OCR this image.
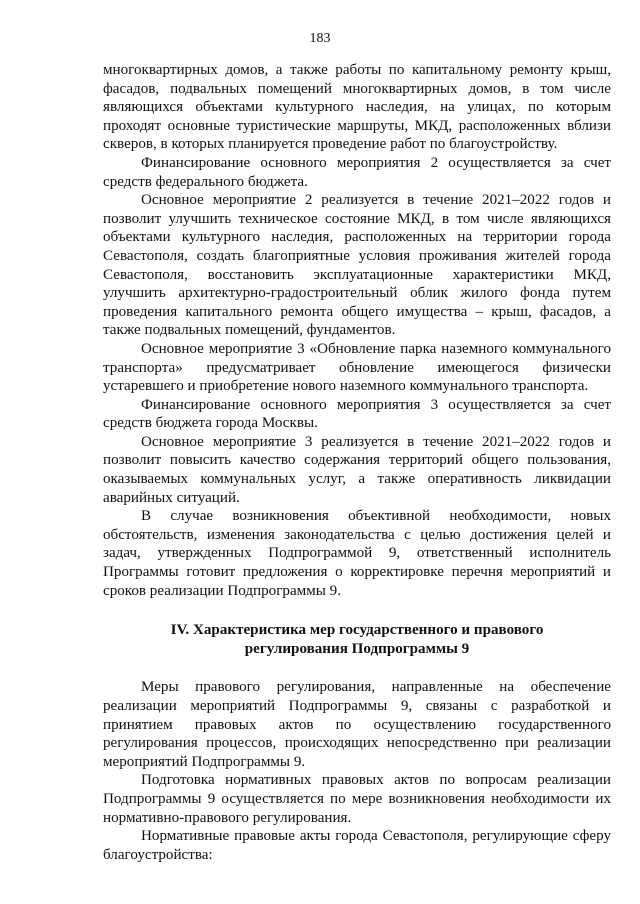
183

многоквартирных домов, а также работы по капитальному ремонту крыш, фасадов, подвальных помещений многоквартирных домов, в том числе являющихся объектами культурного наследия, на улицах, по которым проходят основные туристические маршруты, МКД, расположенных вблизи скверов, в которых планируется проведение работ по благоустройству.

Финансирование основного мероприятия 2 осуществляется за счет средств федерального бюджета.

Основное мероприятие 2 реализуется в течение 2021–2022 годов и позволит улучшить техническое состояние МКД, в том числе являющихся объектами культурного наследия, расположенных на территории города Севастополя, создать благоприятные условия проживания жителей города Севастополя, восстановить эксплуатационные характеристики МКД, улучшить архитектурно-градостроительный облик жилого фонда путем проведения капитального ремонта общего имущества – крыш, фасадов, а также подвальных помещений, фундаментов.

Основное мероприятие 3 «Обновление парка наземного коммунального транспорта» предусматривает обновление имеющегося физически устаревшего и приобретение нового наземного коммунального транспорта.

Финансирование основного мероприятия 3 осуществляется за счет средств бюджета города Москвы.

Основное мероприятие 3 реализуется в течение 2021–2022 годов и позволит повысить качество содержания территорий общего пользования, оказываемых коммунальных услуг, а также оперативность ликвидации аварийных ситуаций.

В случае возникновения объективной необходимости, новых обстоятельств, изменения законодательства с целью достижения целей и задач, утвержденных Подпрограммой 9, ответственный исполнитель Программы готовит предложения о корректировке перечня мероприятий и сроков реализации Подпрограммы 9.

IV. Характеристика мер государственного и правового регулирования Подпрограммы 9

Меры правового регулирования, направленные на обеспечение реализации мероприятий Подпрограммы 9, связаны с разработкой и принятием правовых актов по осуществлению государственного регулирования процессов, происходящих непосредственно при реализации мероприятий Подпрограммы 9.

Подготовка нормативных правовых актов по вопросам реализации Подпрограммы 9 осуществляется по мере возникновения необходимости их нормативно-правового регулирования.

Нормативные правовые акты города Севастополя, регулирующие сферу благоустройства:
